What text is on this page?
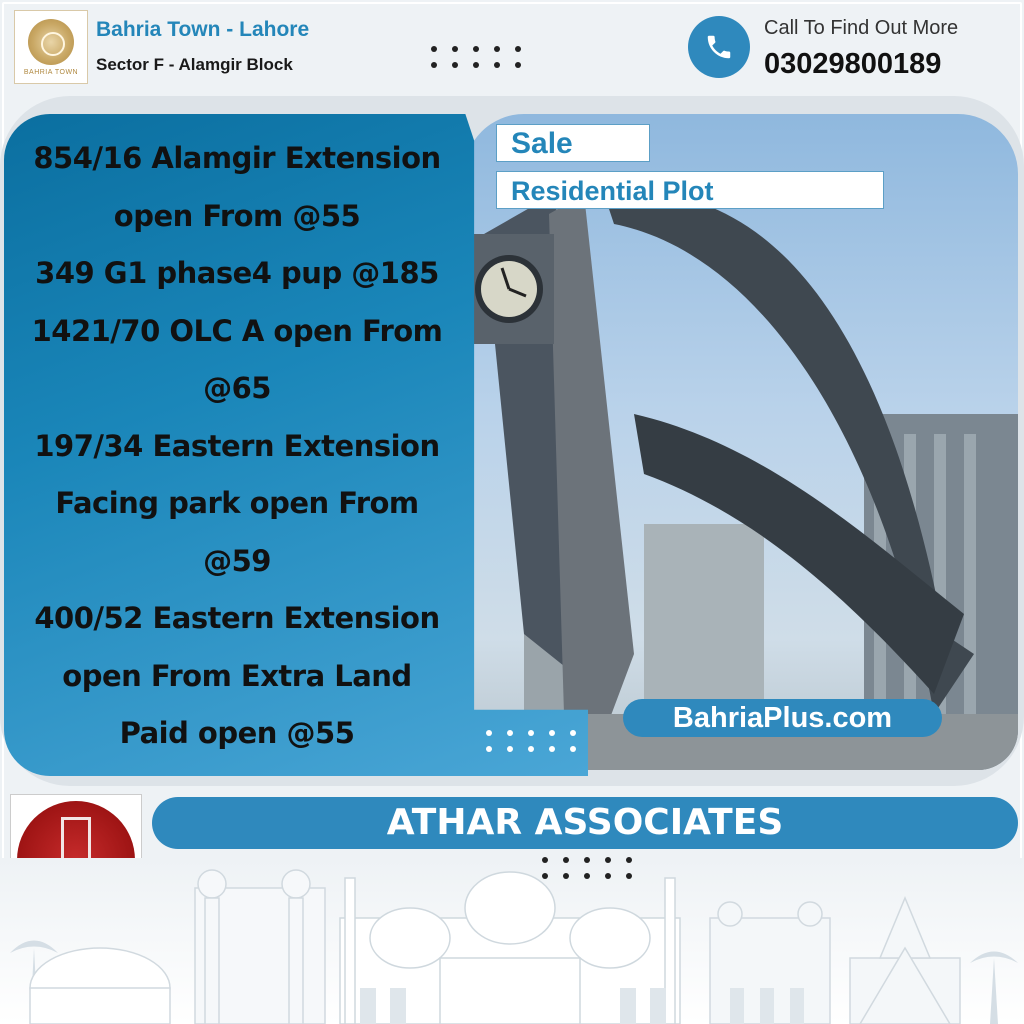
BAHRIA TOWN
Bahria Town - Lahore
Sector F - Alamgir Block
Call To Find Out More
03029800189
854/16 Alamgir Extension
open From @55
349 G1 phase4 pup @185
1421/70 OLC A open From
@65
197/34 Eastern Extension
Facing park open From
@59
400/52 Eastern Extension
open From Extra Land
Paid open @55
Sale
Residential Plot
BahriaPlus.com
ATHAR ASSOCIATES
